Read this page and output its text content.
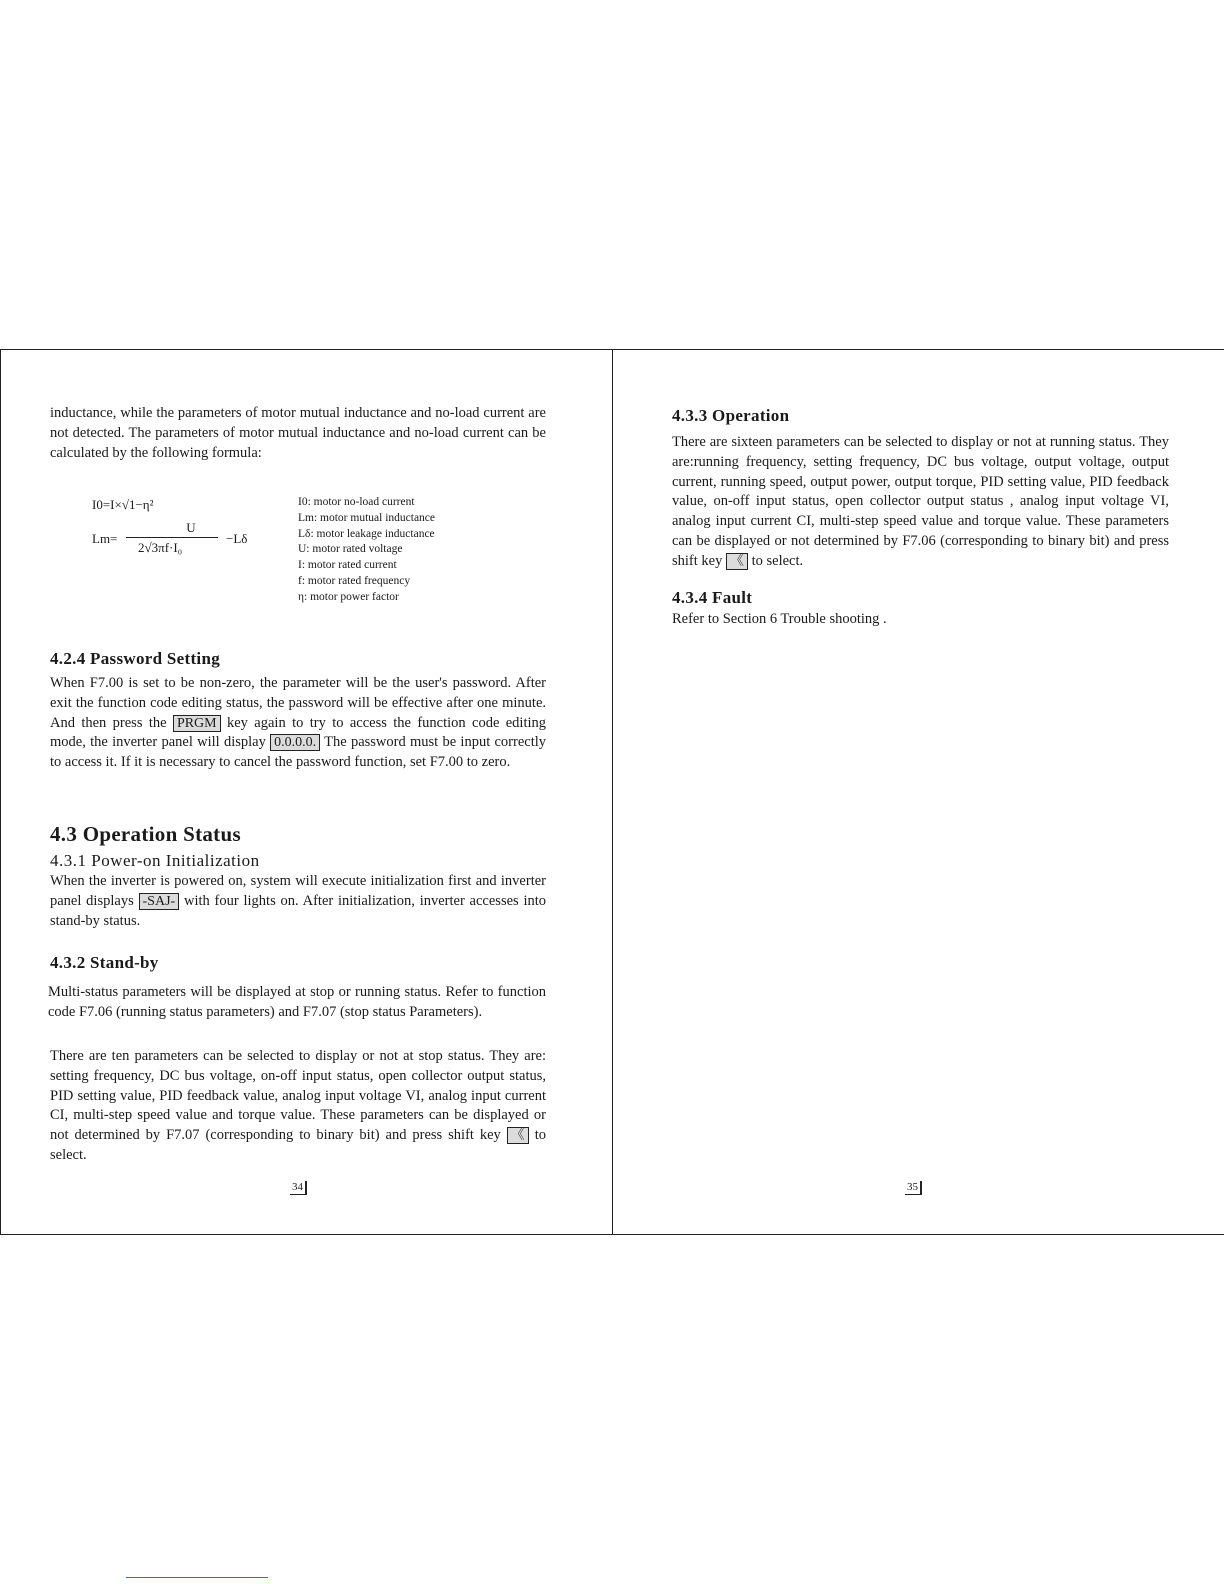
inductance, while the parameters of motor mutual inductance and no-load current are not detected. The parameters of motor mutual inductance and no-load current can be calculated by the following formula:

I0=I×√1−η²
Lm=
U
2√3πf·I₀
−Lδ
I0: motor no-load current
Lm: motor mutual inductance
Lδ: motor leakage inductance
U: motor rated voltage
I: motor rated current
f: motor rated frequency
η: motor power factor
4.2.4 Password Setting

When F7.00 is set to be non-zero, the parameter will be the user's password. After exit the function code editing status, the password will be effective after one minute. And then press the PRGM key again to try to access the function code editing mode, the inverter panel will display 0.0.0.0. The password must be input correctly to access it. If it is necessary to cancel the password function, set F7.00 to zero.

4.3 Operation Status
4.3.1 Power-on Initialization

When the inverter is powered on, system will execute initialization first and inverter panel displays -SAJ- with four lights on. After initialization, inverter accesses into stand-by status.

4.3.2 Stand-by

Multi-status parameters will be displayed at stop or running status. Refer to function code F7.06 (running status parameters) and F7.07 (stop status Parameters).

There are ten parameters can be selected to display or not at stop status. They are: setting frequency, DC bus voltage, on-off input status, open collector output status, PID setting value, PID feedback value, analog input voltage VI, analog input current CI, multi-step speed value and torque value. These parameters can be displayed or not determined by F7.07 (corresponding to binary bit) and press shift key 《 to select.

34
4.3.3 Operation

There are sixteen parameters can be selected to display or not at running status. They are:running frequency, setting frequency, DC bus voltage, output voltage, output current, running speed, output power, output torque, PID setting value, PID feedback value, on-off input status, open collector output status , analog input voltage VI, analog input current CI, multi-step speed value and torque value. These parameters can be displayed or not determined by F7.06 (corresponding to binary bit) and press shift key 《 to select.

4.3.4 Fault

Refer to Section 6 Trouble shooting .

35
